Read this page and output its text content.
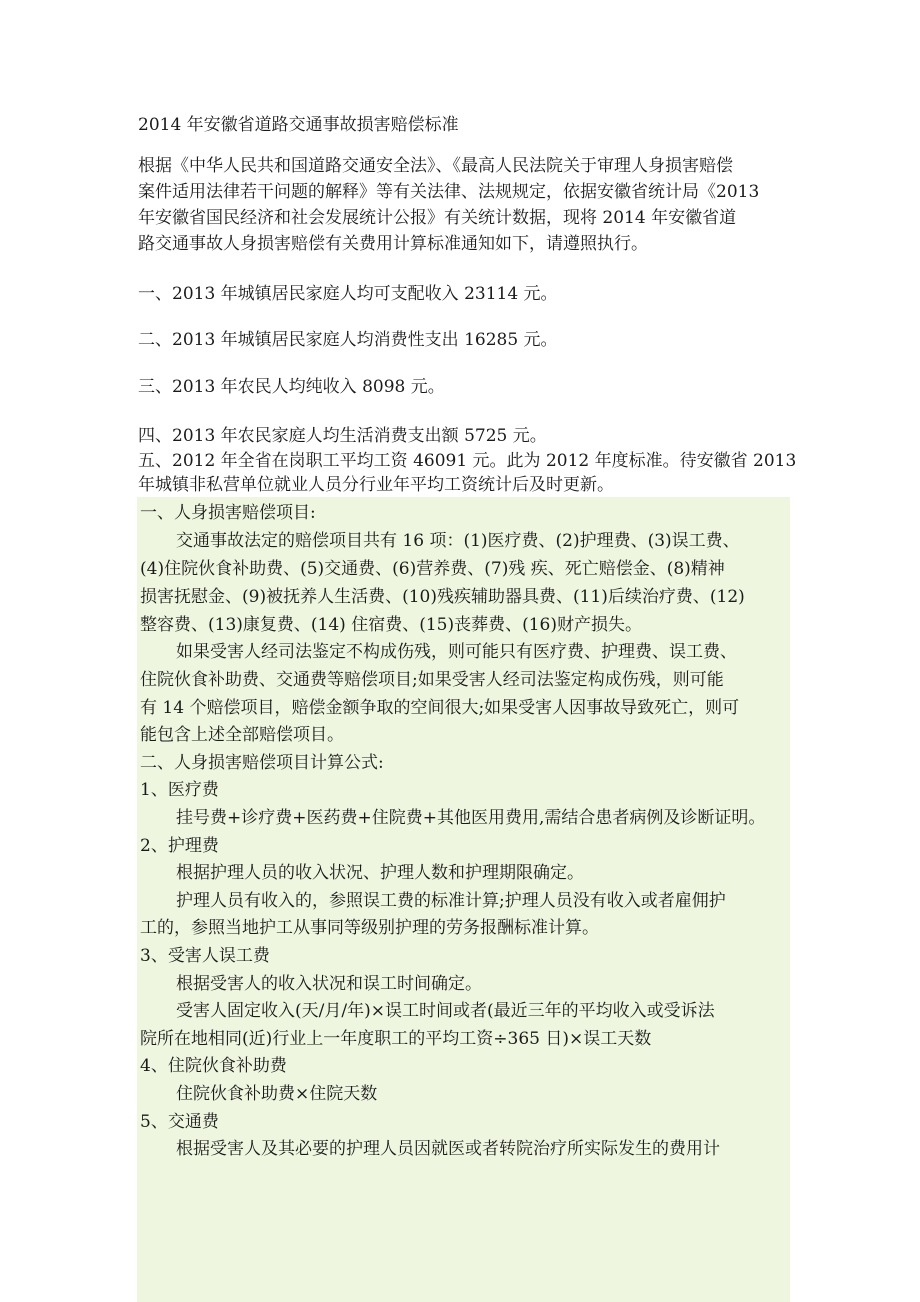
2014 年安徽省道路交通事故损害赔偿标准
根据《中华人民共和国道路交通安全法》、《最高人民法院关于审理人身损害赔偿
案件适用法律若干问题的解释》等有关法律、法规规定，依据安徽省统计局《2013
年安徽省国民经济和社会发展统计公报》有关统计数据，现将 2014 年安徽省道
路交通事故人身损害赔偿有关费用计算标准通知如下，请遵照执行。
一、2013 年城镇居民家庭人均可支配收入 23114 元。
二、2013 年城镇居民家庭人均消费性支出 16285 元。
三、2013 年农民人均纯收入 8098 元。
四、2013 年农民家庭人均生活消费支出额 5725 元。
五、2012 年全省在岗职工平均工资 46091 元。此为 2012 年度标准。待安徽省 2013
年城镇非私营单位就业人员分行业年平均工资统计后及时更新。
一、人身损害赔偿项目:
交通事故法定的赔偿项目共有 16 项：(1)医疗费、(2)护理费、(3)误工费、
(4)住院伙食补助费、(5)交通费、(6)营养费、(7)残 疾、死亡赔偿金、(8)精神
损害抚慰金、(9)被抚养人生活费、(10)残疾辅助器具费、(11)后续治疗费、(12)
整容费、(13)康复费、(14) 住宿费、(15)丧葬费、(16)财产损失。
如果受害人经司法鉴定不构成伤残，则可能只有医疗费、护理费、误工费、
住院伙食补助费、交通费等赔偿项目;如果受害人经司法鉴定构成伤残，则可能
有 14 个赔偿项目，赔偿金额争取的空间很大;如果受害人因事故导致死亡，则可
能包含上述全部赔偿项目。
二、人身损害赔偿项目计算公式:
1、医疗费
挂号费+诊疗费+医药费+住院费+其他医用费用,需结合患者病例及诊断证明。
2、护理费
根据护理人员的收入状况、护理人数和护理期限确定。
护理人员有收入的，参照误工费的标准计算;护理人员没有收入或者雇佣护
工的，参照当地护工从事同等级别护理的劳务报酬标准计算。
3、受害人误工费
根据受害人的收入状况和误工时间确定。
受害人固定收入(天/月/年)×误工时间或者(最近三年的平均收入或受诉法
院所在地相同(近)行业上一年度职工的平均工资÷365 日)×误工天数
4、住院伙食补助费
住院伙食补助费×住院天数
5、交通费
根据受害人及其必要的护理人员因就医或者转院治疗所实际发生的费用计
